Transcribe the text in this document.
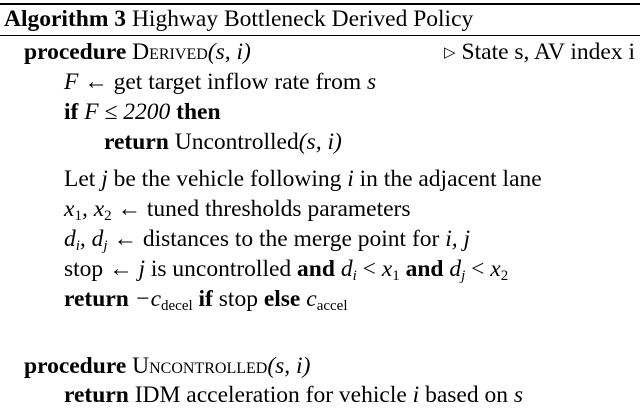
Algorithm 3 Highway Bottleneck Derived Policy
procedure Derived(s, i)	▷ State s, AV index i
F ← get target inflow rate from s
if F ≤ 2200 then
return Uncontrolled(s, i)
Let j be the vehicle following i in the adjacent lane
$x_1$, $x_2$ ← tuned thresholds parameters
$d_i$, $d_j$ ← distances to the merge point for i, j
stop ← j is uncontrolled and $d_i < x_1$ and $d_j < x_2$
return $-c_{decel}$ if stop else $c_{accel}$
procedure Uncontrolled(s, i)
return IDM acceleration for vehicle i based on s
